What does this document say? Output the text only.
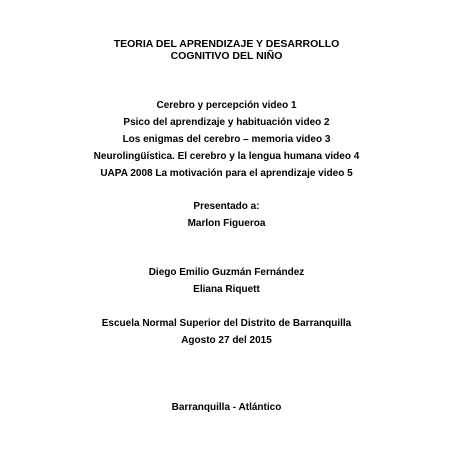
TEORIA DEL APRENDIZAJE Y DESARROLLO
COGNITIVO DEL NIÑO
Cerebro y percepción video 1
Psico del aprendizaje y habituación video 2
Los enigmas del cerebro – memoria video 3
Neurolingüística. El cerebro y la lengua humana video 4
UAPA 2008 La motivación para el aprendizaje video 5
Presentado a:
Marlon Figueroa
Diego Emilio Guzmán Fernández
Eliana Riquett
Escuela Normal Superior del Distrito de Barranquilla
Agosto 27 del 2015
Barranquilla - Atlántico
